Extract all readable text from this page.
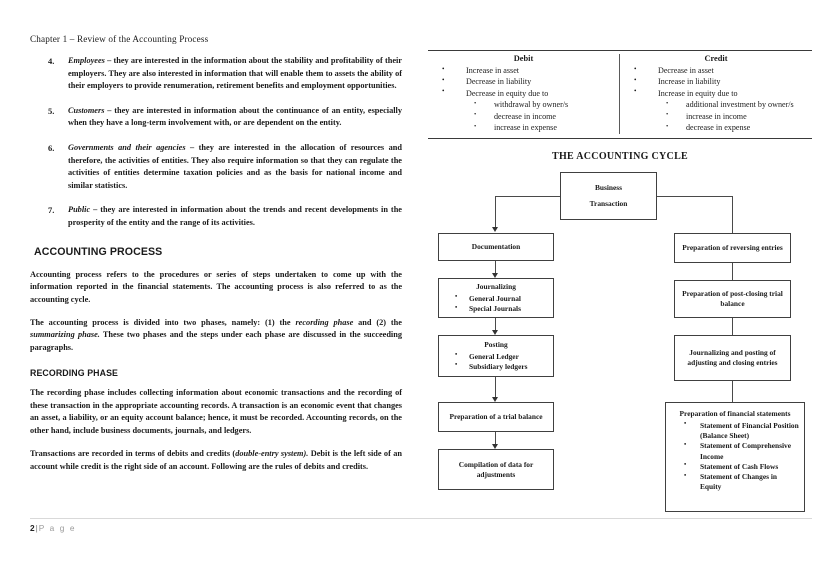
Chapter 1 – Review of the Accounting Process
4. Employees – they are interested in the information about the stability and profitability of their employers. They are also interested in information that will enable them to assets the ability of their employers to provide renumeration, retirement benefits and employment opportunities.
5. Customers – they are interested in information about the continuance of an entity, especially when they have a long-term involvement with, or are dependent on the entity.
6. Governments and their agencies – they are interested in the allocation of resources and therefore, the activities of entities. They also require information so that they can regulate the activities of entities determine taxation policies and as the basis for national income and similar statistics.
7. Public – they are interested in information about the trends and recent developments in the prosperity of the entity and the range of its activities.
ACCOUNTING PROCESS

Accounting process refers to the procedures or series of steps undertaken to come up with the information reported in the financial statements. The accounting process is also referred to as the accounting cycle.

The accounting process is divided into two phases, namely: (1) the recording phase and (2) the summarizing phase. These two phases and the steps under each phase are discussed in the succeeding paragraphs.

RECORDING PHASE

The recording phase includes collecting information about economic transactions and the recording of these transaction in the appropriate accounting records. A transaction is an economic event that changes an asset, a liability, or an equity account balance; hence, it must be recorded. Accounting records, on the other hand, include business documents, journals, and ledgers.

Transactions are recorded in terms of debits and credits (double-entry system). Debit is the left side of an account while credit is the right side of an account. Following are the rules of debits and credits.

Debit
• Increase in asset
• Decrease in liability
• Decrease in equity due to
• withdrawal by owner/s
• decrease in income
• increase in expense
Credit
• Decrease in asset
• Increase in liability
• Increase in equity due to
• additional investment by owner/s
• increase in income
• decrease in expense
THE ACCOUNTING CYCLE
Business
Transaction
Documentation
Journalizing
• General Journal
• Special Journals
Posting
• General Ledger
• Subsidiary ledgers
Preparation of a trial balance
Compilation of data for adjustments
Preparation of reversing entries
Preparation of post-closing trial balance
Journalizing and posting of adjusting and closing entries
Preparation of financial statements
• Statement of Financial Position (Balance Sheet)
• Statement of Comprehensive Income
• Statement of Cash Flows
• Statement of Changes in Equity
2|P a g e
